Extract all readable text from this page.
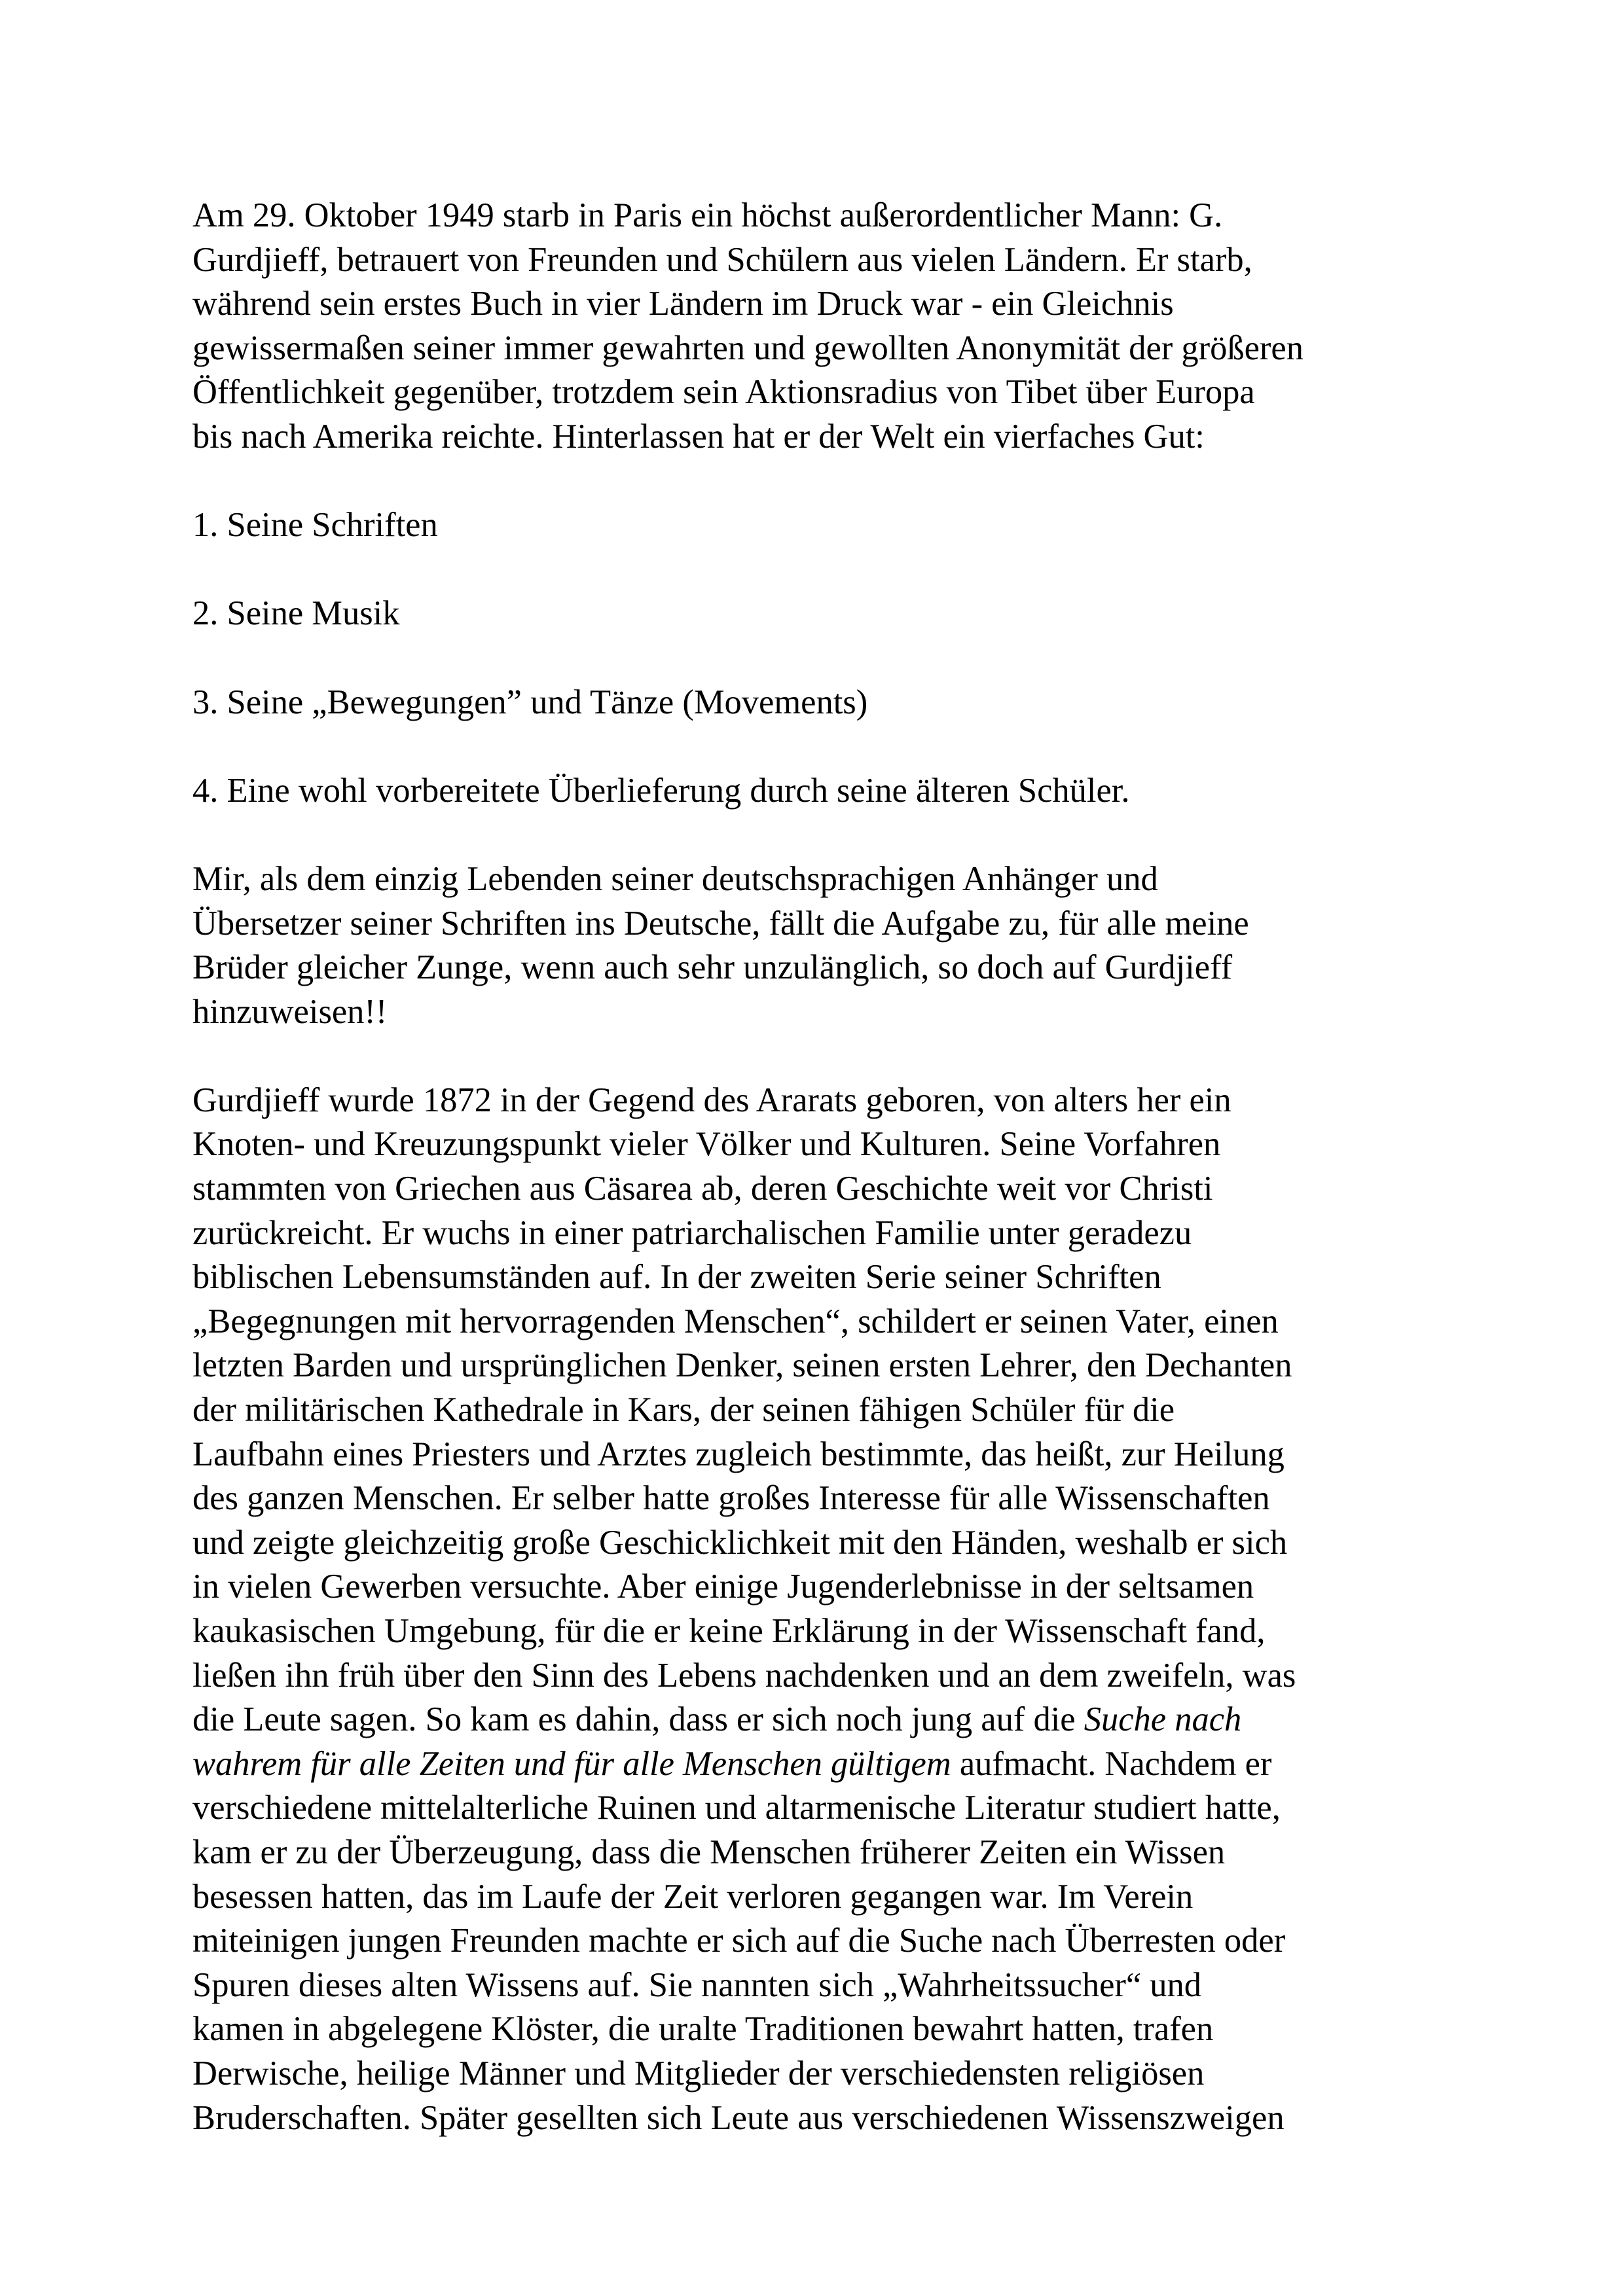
Am 29. Oktober 1949 starb in Paris ein höchst außerordentlicher Mann: G.
Gurdjieff, betrauert von Freunden und Schülern aus vielen Ländern. Er starb,
während sein erstes Buch in vier Ländern im Druck war - ein Gleichnis
gewissermaßen seiner immer gewahrten und gewollten Anonymität der größeren
Öffentlichkeit gegenüber, trotzdem sein Aktionsradius von Tibet über Europa
bis nach Amerika reichte. Hinterlassen hat er der Welt ein vierfaches Gut:
1. Seine Schriften
2. Seine Musik
3. Seine „Bewegungen” und Tänze (Movements)
4. Eine wohl vorbereitete Überlieferung durch seine älteren Schüler.
Mir, als dem einzig Lebenden seiner deutschsprachigen Anhänger und
Übersetzer seiner Schriften ins Deutsche, fällt die Aufgabe zu, für alle meine
Brüder gleicher Zunge, wenn auch sehr unzulänglich, so doch auf Gurdjieff
hinzuweisen!!
Gurdjieff wurde 1872 in der Gegend des Ararats geboren, von alters her ein
Knoten- und Kreuzungspunkt vieler Völker und Kulturen. Seine Vorfahren
stammten von Griechen aus Cäsarea ab, deren Geschichte weit vor Christi
zurückreicht. Er wuchs in einer patriarchalischen Familie unter geradezu
biblischen Lebensumständen auf. In der zweiten Serie seiner Schriften
„Begegnungen mit hervorragenden Menschen“, schildert er seinen Vater, einen
letzten Barden und ursprünglichen Denker, seinen ersten Lehrer, den Dechanten
der militärischen Kathedrale in Kars, der seinen fähigen Schüler für die
Laufbahn eines Priesters und Arztes zugleich bestimmte, das heißt, zur Heilung
des ganzen Menschen. Er selber hatte großes Interesse für alle Wissenschaften
und zeigte gleichzeitig große Geschicklichkeit mit den Händen, weshalb er sich
in vielen Gewerben versuchte. Aber einige Jugenderlebnisse in der seltsamen
kaukasischen Umgebung, für die er keine Erklärung in der Wissenschaft fand,
ließen ihn früh über den Sinn des Lebens nachdenken und an dem zweifeln, was
die Leute sagen. So kam es dahin, dass er sich noch jung auf die Suche nach
wahrem für alle Zeiten und für alle Menschen gültigem aufmacht. Nachdem er
verschiedene mittelalterliche Ruinen und altarmenische Literatur studiert hatte,
kam er zu der Überzeugung, dass die Menschen früherer Zeiten ein Wissen
besessen hatten, das im Laufe der Zeit verloren gegangen war. Im Verein
miteinigen jungen Freunden machte er sich auf die Suche nach Überresten oder
Spuren dieses alten Wissens auf. Sie nannten sich „Wahrheitssucher“ und
kamen in abgelegene Klöster, die uralte Traditionen bewahrt hatten, trafen
Derwische, heilige Männer und Mitglieder der verschiedensten religiösen
Bruderschaften. Später gesellten sich Leute aus verschiedenen Wissenszweigen
